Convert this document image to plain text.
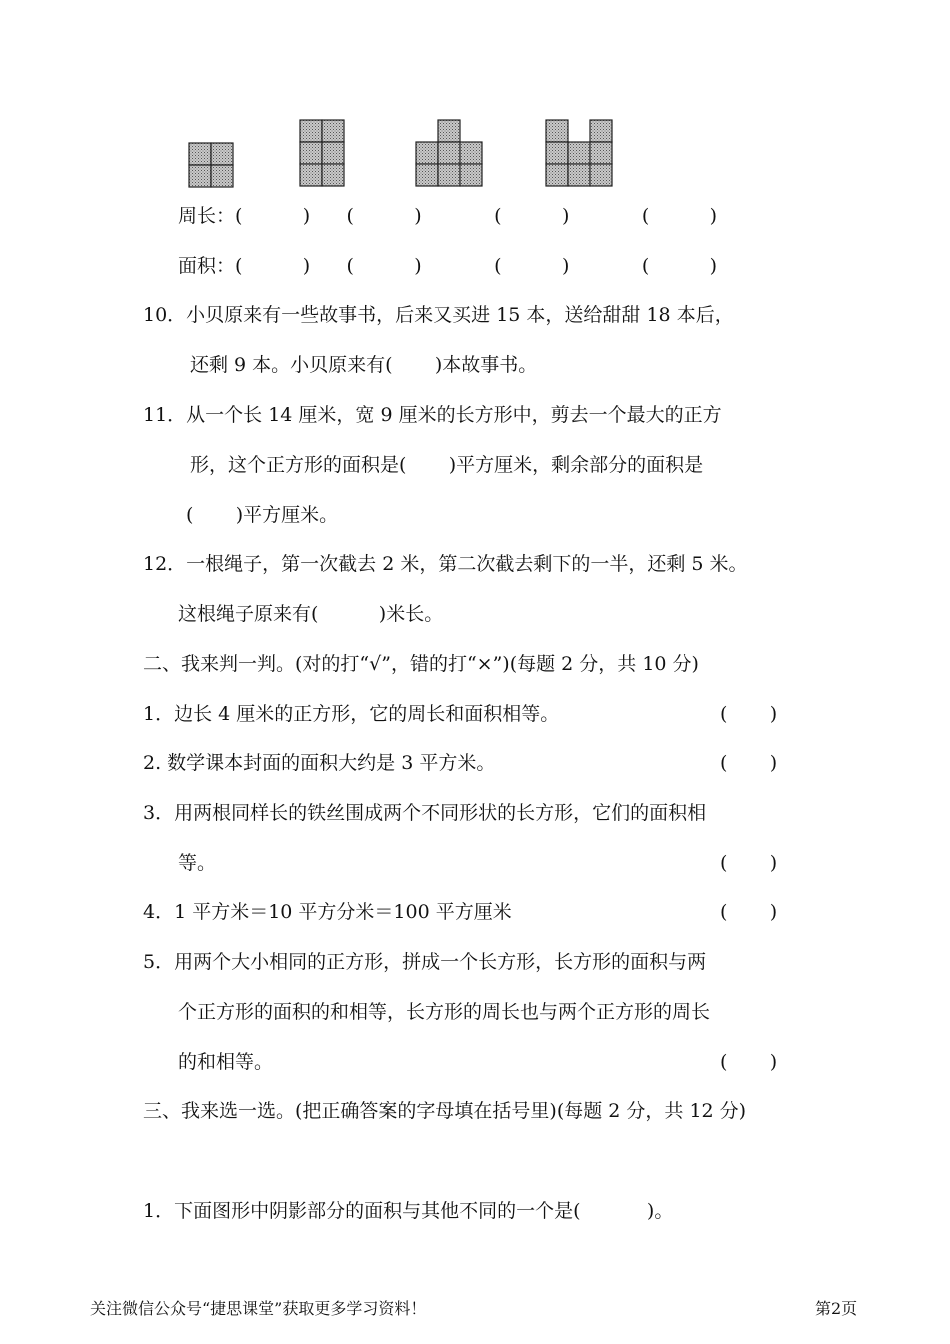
周长：(          )      (          )            (          )            (          )
面积：(          )      (          )            (          )            (          )
10．小贝原来有一些故事书，后来又买进 15 本，送给甜甜 18 本后，
还剩 9 本。小贝原来有(       )本故事书。
11．从一个长 14 厘米，宽 9 厘米的长方形中，剪去一个最大的正方
形，这个正方形的面积是(       )平方厘米，剩余部分的面积是
(       )平方厘米。
12．一根绳子，第一次截去 2 米，第二次截去剩下的一半，还剩 5 米。
这根绳子原来有(          )米长。
二、我来判一判。(对的打“√”，错的打“×”)(每题 2 分，共 10 分)
1．边长 4 厘米的正方形，它的周长和面积相等。	(       )
2. 数学课本封面的面积大约是 3 平方米。	(       )
3．用两根同样长的铁丝围成两个不同形状的长方形，它们的面积相
等。	(       )
4．1 平方米＝10 平方分米＝100 平方厘米	(       )
5．用两个大小相同的正方形，拼成一个长方形，长方形的面积与两
个正方形的面积的和相等，长方形的周长也与两个正方形的周长
的和相等。	(       )
三、我来选一选。(把正确答案的字母填在括号里)(每题 2 分，共 12 分)
1．下面图形中阴影部分的面积与其他不同的一个是(           )。
关注微信公众号“捷思课堂”获取更多学习资料！	第2页
